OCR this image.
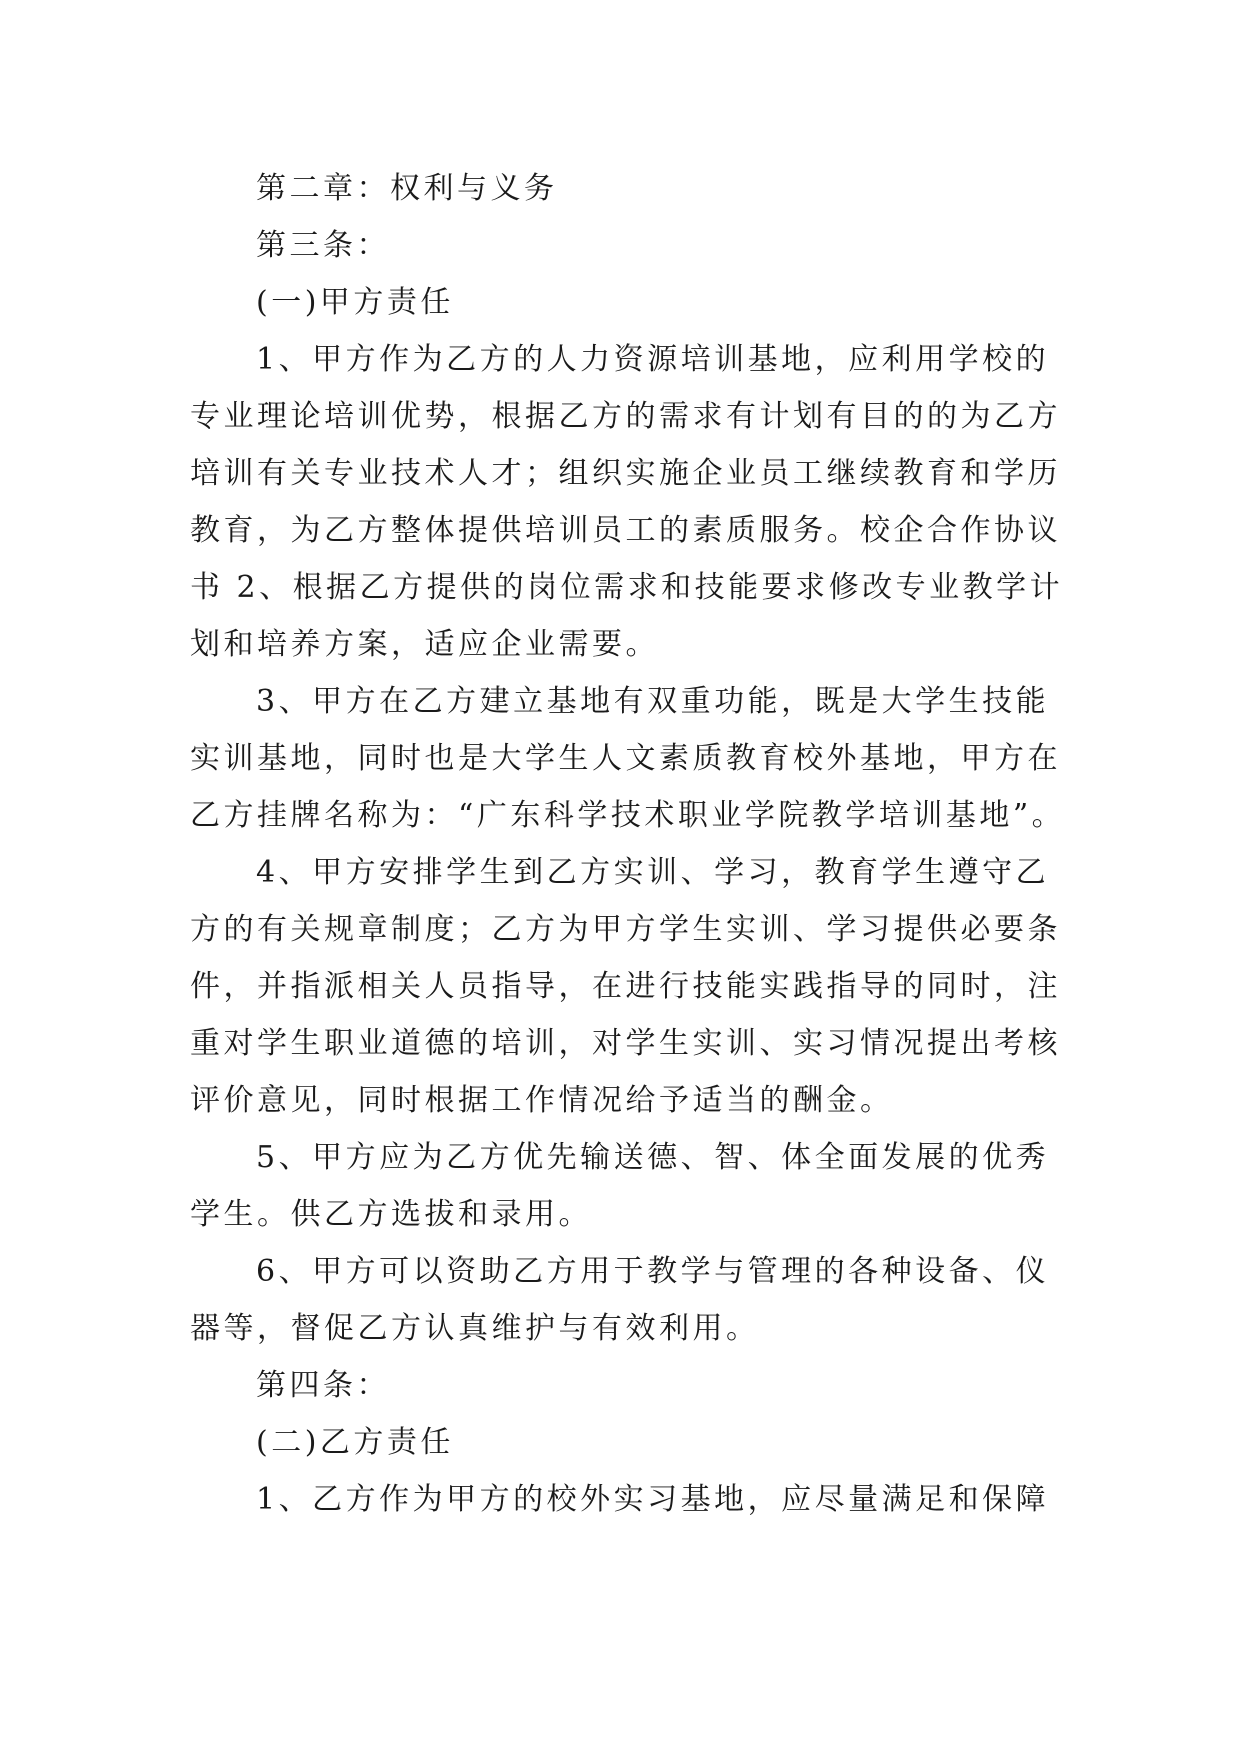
第二章：权利与义务

第三条：

(一)甲方责任

1、甲方作为乙方的人力资源培训基地，应利用学校的

专业理论培训优势，根据乙方的需求有计划有目的的为乙方

培训有关专业技术人才；组织实施企业员工继续教育和学历

教育，为乙方整体提供培训员工的素质服务。校企合作协议

书 2、根据乙方提供的岗位需求和技能要求修改专业教学计

划和培养方案，适应企业需要。

3、甲方在乙方建立基地有双重功能，既是大学生技能

实训基地，同时也是大学生人文素质教育校外基地，甲方在

乙方挂牌名称为：“广东科学技术职业学院教学培训基地”。

4、甲方安排学生到乙方实训、学习，教育学生遵守乙

方的有关规章制度；乙方为甲方学生实训、学习提供必要条

件，并指派相关人员指导，在进行技能实践指导的同时，注

重对学生职业道德的培训，对学生实训、实习情况提出考核

评价意见，同时根据工作情况给予适当的酬金。

5、甲方应为乙方优先输送德、智、体全面发展的优秀

学生。供乙方选拔和录用。

6、甲方可以资助乙方用于教学与管理的各种设备、仪

器等，督促乙方认真维护与有效利用。

第四条：

(二)乙方责任

1、乙方作为甲方的校外实习基地，应尽量满足和保障
